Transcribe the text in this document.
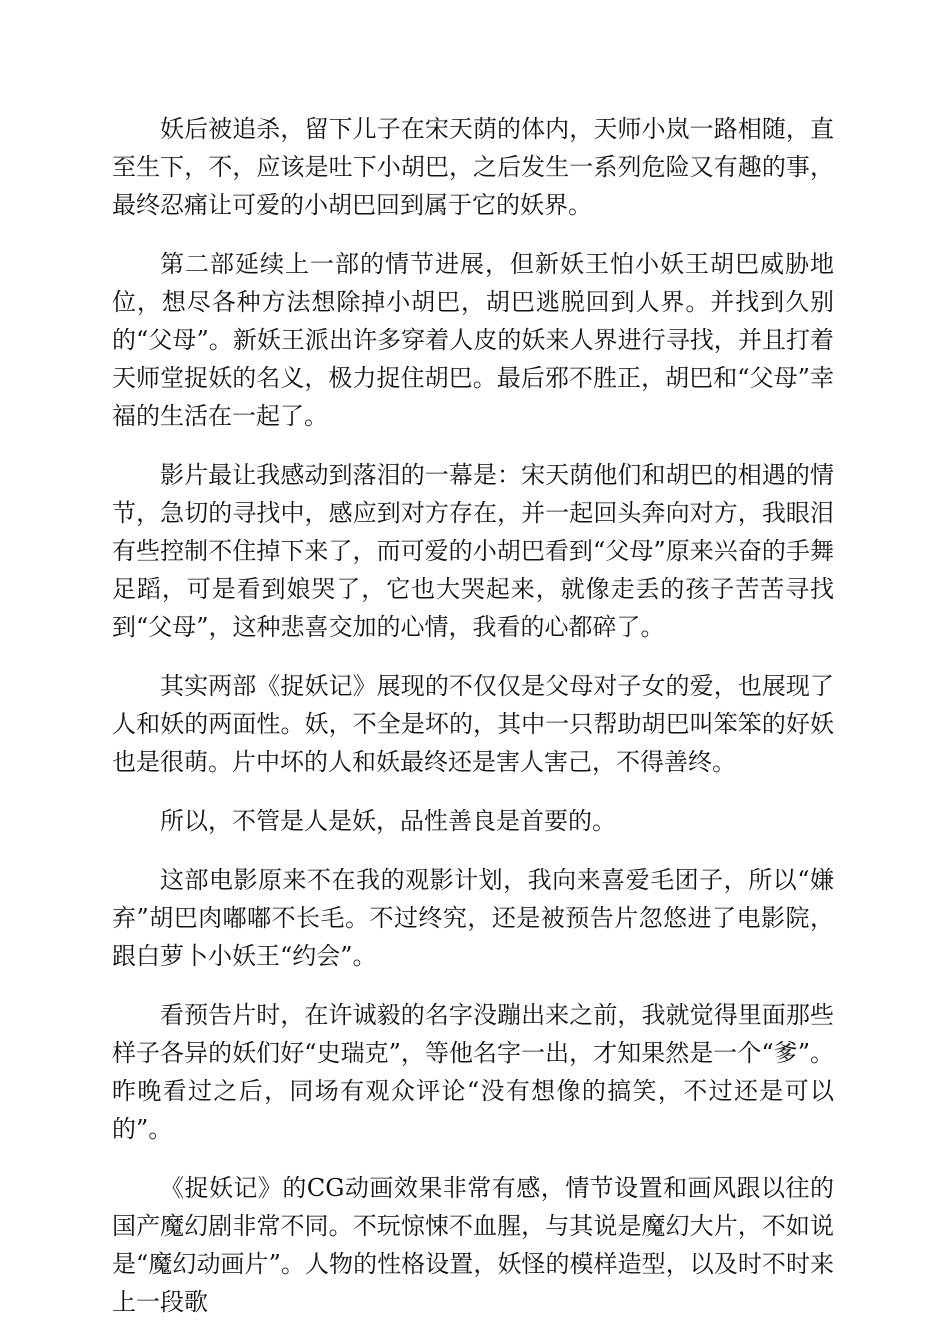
妖后被追杀，留下儿子在宋天荫的体内，天师小岚一路相随，直至生下，不，应该是吐下小胡巴，之后发生一系列危险又有趣的事，最终忍痛让可爱的小胡巴回到属于它的妖界。

第二部延续上一部的情节进展，但新妖王怕小妖王胡巴威胁地位，想尽各种方法想除掉小胡巴，胡巴逃脱回到人界。并找到久别的“父母”。新妖王派出许多穿着人皮的妖来人界进行寻找，并且打着天师堂捉妖的名义，极力捉住胡巴。最后邪不胜正，胡巴和“父母”幸福的生活在一起了。

影片最让我感动到落泪的一幕是：宋天荫他们和胡巴的相遇的情节，急切的寻找中，感应到对方存在，并一起回头奔向对方，我眼泪有些控制不住掉下来了，而可爱的小胡巴看到“父母”原来兴奋的手舞足蹈，可是看到娘哭了，它也大哭起来，就像走丢的孩子苦苦寻找到“父母”，这种悲喜交加的心情，我看的心都碎了。

其实两部《捉妖记》展现的不仅仅是父母对子女的爱，也展现了人和妖的两面性。妖，不全是坏的，其中一只帮助胡巴叫笨笨的好妖也是很萌。片中坏的人和妖最终还是害人害己，不得善终。

所以，不管是人是妖，品性善良是首要的。

这部电影原来不在我的观影计划，我向来喜爱毛团子，所以“嫌弃”胡巴肉嘟嘟不长毛。不过终究，还是被预告片忽悠进了电影院，跟白萝卜小妖王“约会”。

看预告片时，在许诚毅的名字没蹦出来之前，我就觉得里面那些样子各异的妖们好“史瑞克”，等他名字一出，才知果然是一个“爹”。昨晚看过之后，同场有观众评论“没有想像的搞笑，不过还是可以的”。

《捉妖记》的CG动画效果非常有感，情节设置和画风跟以往的国产魔幻剧非常不同。不玩惊悚不血腥，与其说是魔幻大片，不如说是“魔幻动画片”。人物的性格设置，妖怪的模样造型，以及时不时来上一段歌
